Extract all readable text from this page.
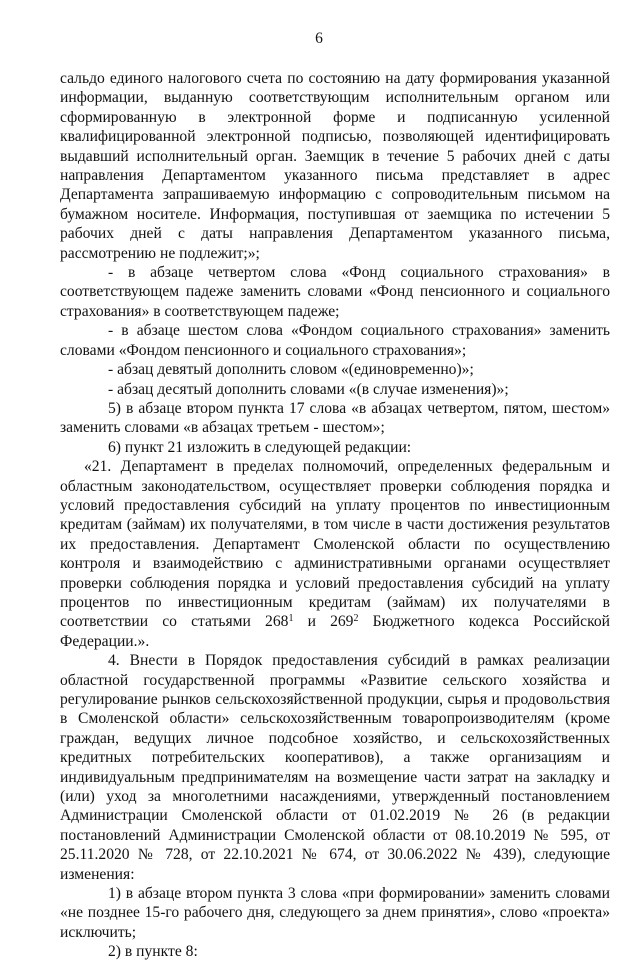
6

сальдо единого налогового счета по состоянию на дату формирования указанной информации, выданную соответствующим исполнительным органом или сформированную в электронной форме и подписанную усиленной квалифицированной электронной подписью, позволяющей идентифицировать выдавший исполнительный орган. Заемщик в течение 5 рабочих дней с даты направления Департаментом указанного письма представляет в адрес Департамента запрашиваемую информацию с сопроводительным письмом на бумажном носителе. Информация, поступившая от заемщика по истечении 5 рабочих дней с даты направления Департаментом указанного письма, рассмотрению не подлежит;»;

- в абзаце четвертом слова «Фонд социального страхования» в соответствующем падеже заменить словами «Фонд пенсионного и социального страхования» в соответствующем падеже;

- в абзаце шестом слова «Фондом социального страхования» заменить словами «Фондом пенсионного и социального страхования»;

- абзац девятый дополнить словом «(единовременно)»;

- абзац десятый дополнить словами «(в случае изменения)»;

5) в абзаце втором пункта 17 слова «в абзацах четвертом, пятом, шестом» заменить словами «в абзацах третьем - шестом»;

6) пункт 21 изложить в следующей редакции:

«21. Департамент в пределах полномочий, определенных федеральным и областным законодательством, осуществляет проверки соблюдения порядка и условий предоставления субсидий на уплату процентов по инвестиционным кредитам (займам) их получателями, в том числе в части достижения результатов их предоставления. Департамент Смоленской области по осуществлению контроля и взаимодействию с административными органами осуществляет проверки соблюдения порядка и условий предоставления субсидий на уплату процентов по инвестиционным кредитам (займам) их получателями в соответствии со статьями $268^1$ и $269^2$ Бюджетного кодекса Российской Федерации.».

4. Внести в Порядок предоставления субсидий в рамках реализации областной государственной программы «Развитие сельского хозяйства и регулирование рынков сельскохозяйственной продукции, сырья и продовольствия в Смоленской области» сельскохозяйственным товаропроизводителям (кроме граждан, ведущих личное подсобное хозяйство, и сельскохозяйственных кредитных потребительских кооперативов), а также организациям и индивидуальным предпринимателям на возмещение части затрат на закладку и (или) уход за многолетними насаждениями, утвержденный постановлением Администрации Смоленской области от 01.02.2019 № 26 (в редакции постановлений Администрации Смоленской области от 08.10.2019 № 595, от 25.11.2020 № 728, от 22.10.2021 № 674, от 30.06.2022 № 439), следующие изменения:

1) в абзаце втором пункта 3 слова «при формировании» заменить словами «не позднее 15-го рабочего дня, следующего за днем принятия», слово «проекта» исключить;

2) в пункте 8:
